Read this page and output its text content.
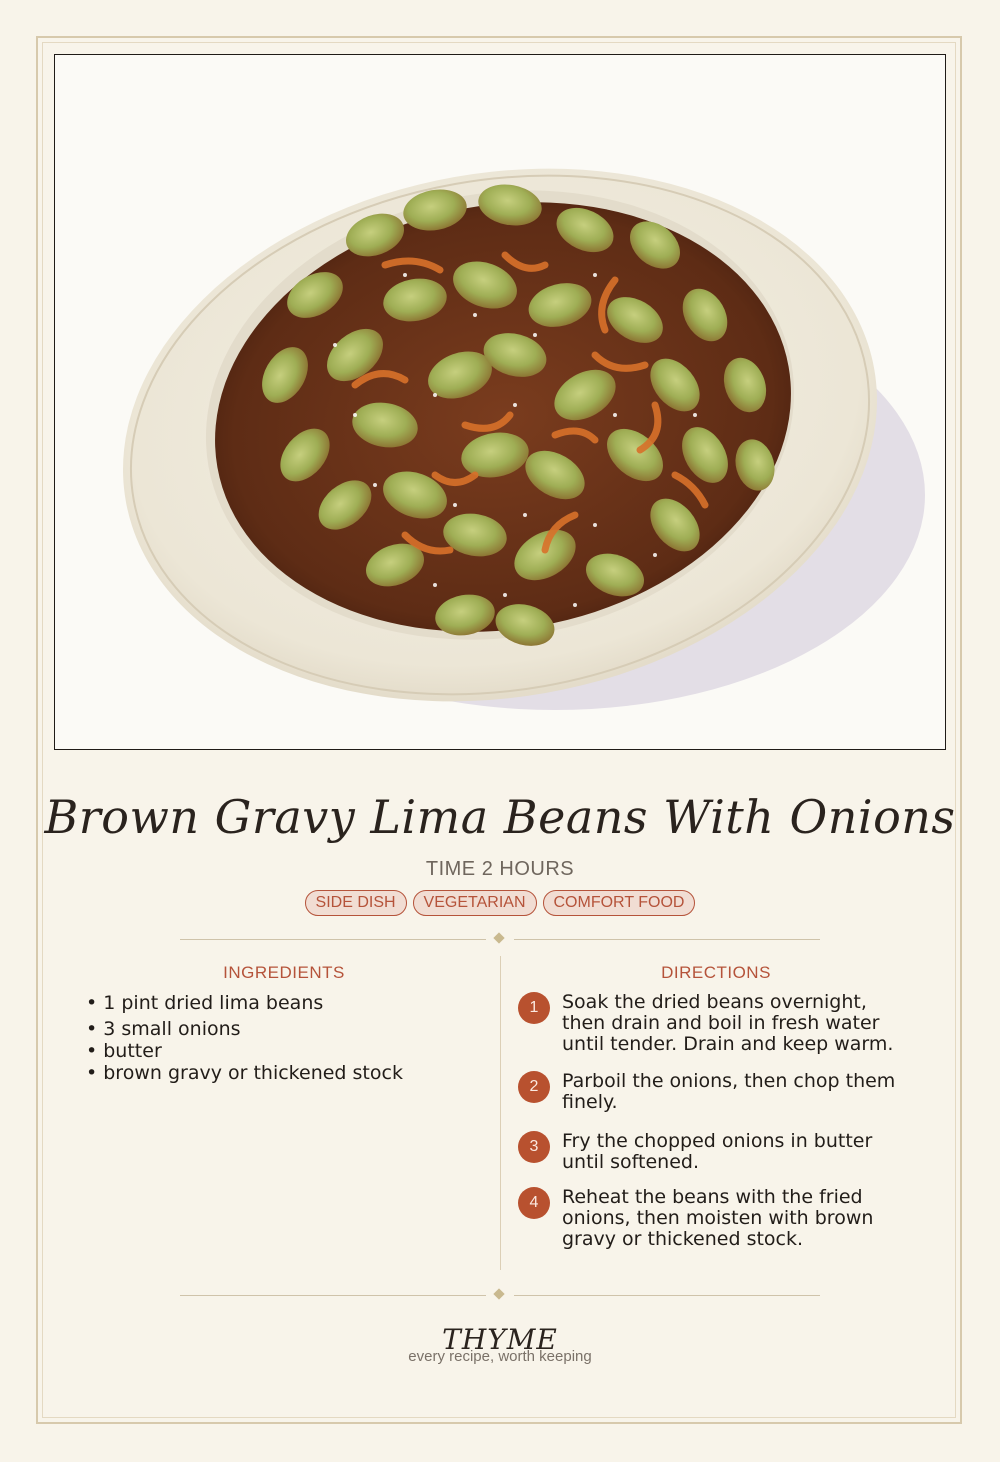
Brown Gravy Lima Beans With Onions
TIME 2 HOURS
SIDE DISH VEGETARIAN COMFORT FOOD
INGREDIENTS
• 1 pint dried lima beans
• 3 small onions
• butter
• brown gravy or thickened stock
DIRECTIONS
1	Soak the dried beans overnight, then drain and boil in fresh water until tender. Drain and keep warm.
2	Parboil the onions, then chop them finely.
3	Fry the chopped onions in butter until softened.
4	Reheat the beans with the fried onions, then moisten with brown gravy or thickened stock.
THYME
every recipe, worth keeping
